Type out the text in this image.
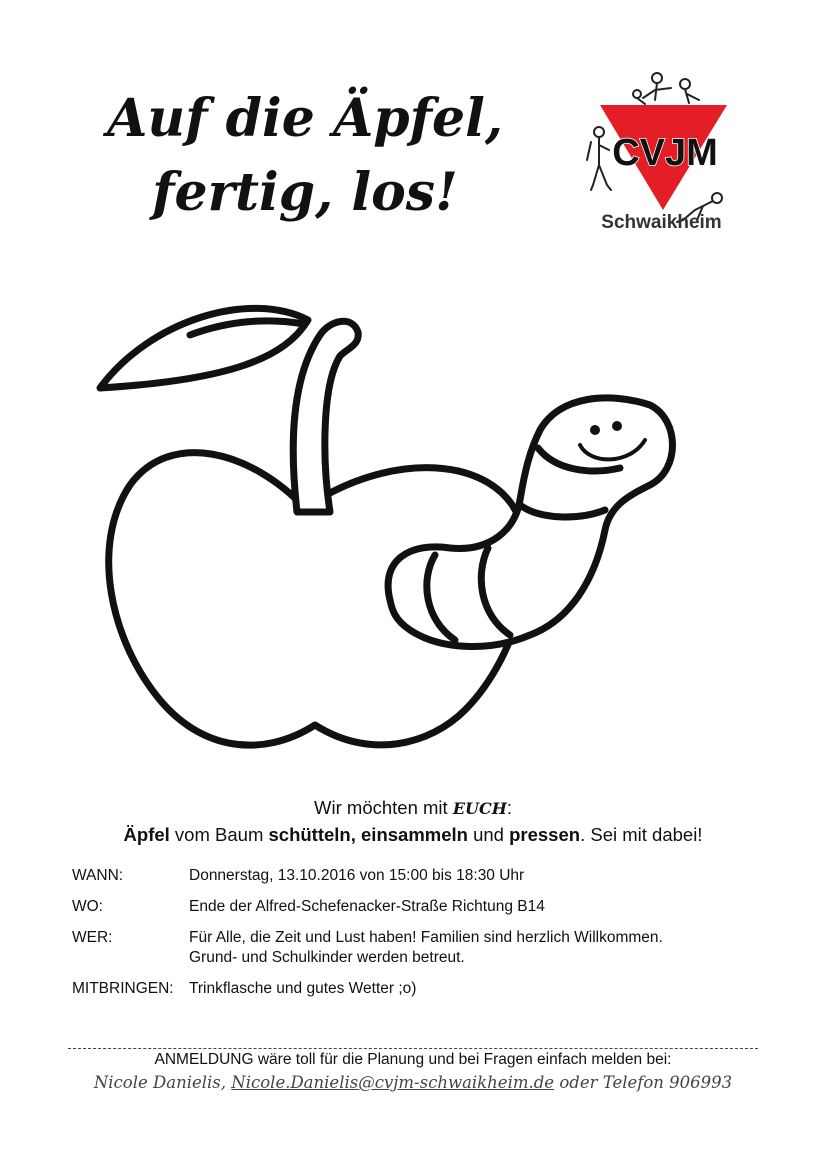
Auf die Äpfel,
fertig, los!
CVJM
Schwaikheim
Wir möchten mit EUCH:
Äpfel vom Baum schütteln, einsammeln und pressen. Sei mit dabei!
WANN:	Donnerstag, 13.10.2016 von 15:00 bis 18:30 Uhr
WO:	Ende der Alfred-Schefenacker-Straße Richtung B14
WER:	Für Alle, die Zeit und Lust haben! Familien sind herzlich Willkommen.
Grund- und Schulkinder werden betreut.
MITBRINGEN: Trinkflasche und gutes Wetter ;o)
ANMELDUNG wäre toll für die Planung und bei Fragen einfach melden bei:
Nicole Danielis, Nicole.Danielis@cvjm-schwaikheim.de oder Telefon 906993
